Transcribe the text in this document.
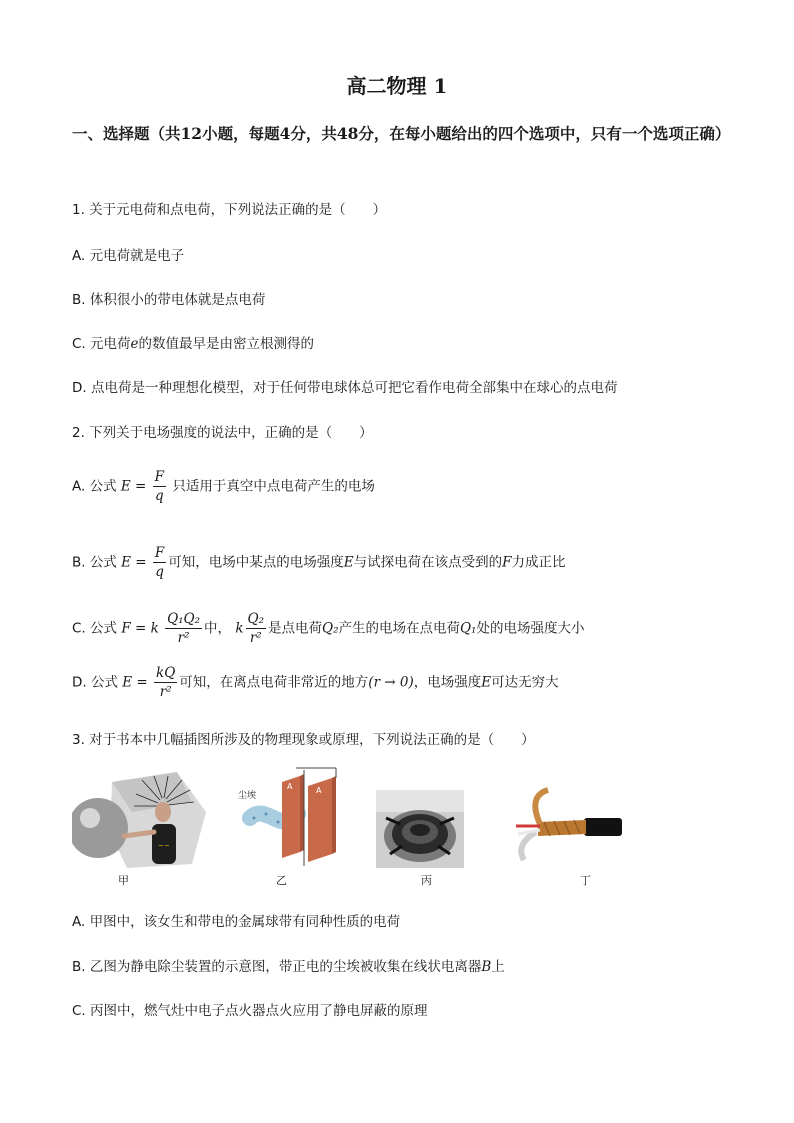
高二物理 1
一、选择题（共12小题，每题4分，共48分，在每小题给出的四个选项中，只有一个选项正确）
1. 关于元电荷和点电荷，下列说法正确的是（　　）
A. 元电荷就是电子
B. 体积很小的带电体就是点电荷
C. 元电荷e的数值最早是由密立根测得的
D. 点电荷是一种理想化模型，对于任何带电球体总可把它看作电荷全部集中在球心的点电荷
2. 下列关于电场强度的说法中，正确的是（　　）
A. 公式 $E = \frac{F}{q}$ 只适用于真空中点电荷产生的电场
B. 公式 $E = \frac{F}{q}$ 可知，电场中某点的电场强度E与试探电荷在该点受到的F力成正比
C. 公式 F = k $\frac{\text{Q₁Q₂}}{\text{r²}}$ 中， k $\frac{\text{Q₂}}{\text{r²}}$ 是点电荷Q₂产生的电场在点电荷Q₁处的电场强度大小
D. 公式 $E = \frac{kQ}{\text{r²}}$ 可知，在离点电荷非常近的地方(r → 0)，电场强度E可达无穷大
3. 对于书本中几幅插图所涉及的物理现象或原理，下列说法正确的是（　　）
~~
尘埃
A	A
甲	乙	丙	丁
A. 甲图中，该女生和带电的金属球带有同种性质的电荷
B. 乙图为静电除尘装置的示意图，带正电的尘埃被收集在线状电离器B上
C. 丙图中，燃气灶中电子点火器点火应用了静电屏蔽的原理
